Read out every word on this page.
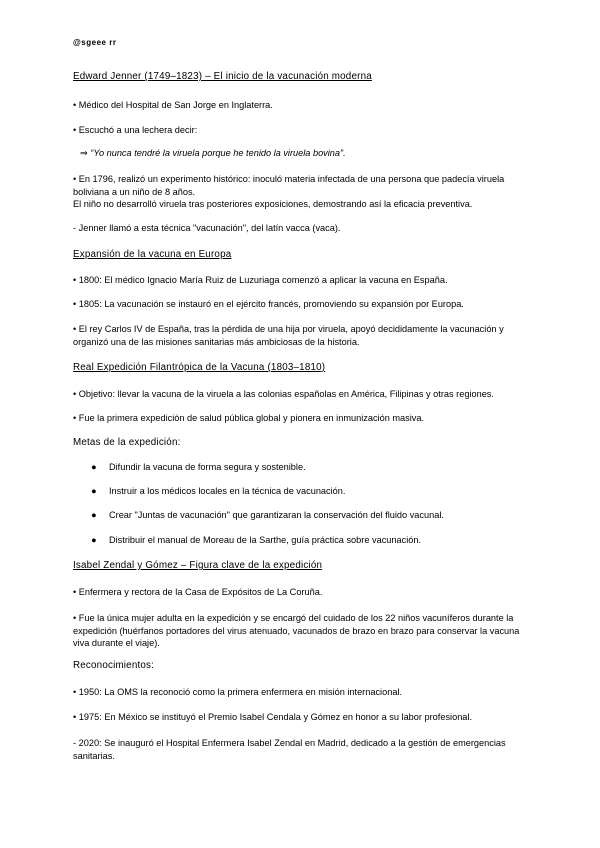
@sgeee rr
Edward Jenner (1749–1823) – El inicio de la vacunación moderna
• Médico del Hospital de San Jorge en Inglaterra.
• Escuchó a una lechera decir:
⇒ “Yo nunca tendré la viruela porque he tenido la viruela bovina”.
• En 1796, realizó un experimento histórico: inoculó materia infectada de una persona que padecía viruela
boliviana a un niño de 8 años.
El niño no desarrolló viruela tras posteriores exposiciones, demostrando así la eficacia preventiva.
- Jenner llamó a esta técnica "vacunación", del latín vacca (vaca).
Expansión de la vacuna en Europa
• 1800: El médico Ignacio María Ruiz de Luzuriaga comenzó a aplicar la vacuna en España.
• 1805: La vacunación se instauró en el ejército francés, promoviendo su expansión por Europa.
• El rey Carlos IV de España, tras la pérdida de una hija por viruela, apoyó decididamente la vacunación y
organizó una de las misiones sanitarias más ambiciosas de la historia.
Real Expedición Filantrópica de la Vacuna (1803–1810)
• Objetivo: llevar la vacuna de la viruela a las colonias españolas en América, Filipinas y otras regiones.
• Fue la primera expedición de salud pública global y pionera en inmunización masiva.
Metas de la expedición:
● Difundir la vacuna de forma segura y sostenible.
● Instruir a los médicos locales en la técnica de vacunación.
● Crear "Juntas de vacunación" que garantizaran la conservación del fluido vacunal.
● Distribuir el manual de Moreau de la Sarthe, guía práctica sobre vacunación.
Isabel Zendal y Gómez – Figura clave de la expedición
• Enfermera y rectora de la Casa de Expósitos de La Coruña.
• Fue la única mujer adulta en la expedición y se encargó del cuidado de los 22 niños vacuníferos durante la
expedición (huérfanos portadores del virus atenuado, vacunados de brazo en brazo para conservar la vacuna
viva durante el viaje).
Reconocimientos:
• 1950: La OMS la reconoció como la primera enfermera en misión internacional.
• 1975: En México se instituyó el Premio Isabel Cendala y Gómez en honor a su labor profesional.
- 2020: Se inauguró el Hospital Enfermera Isabel Zendal en Madrid, dedicado a la gestión de emergencias
sanitarias.
